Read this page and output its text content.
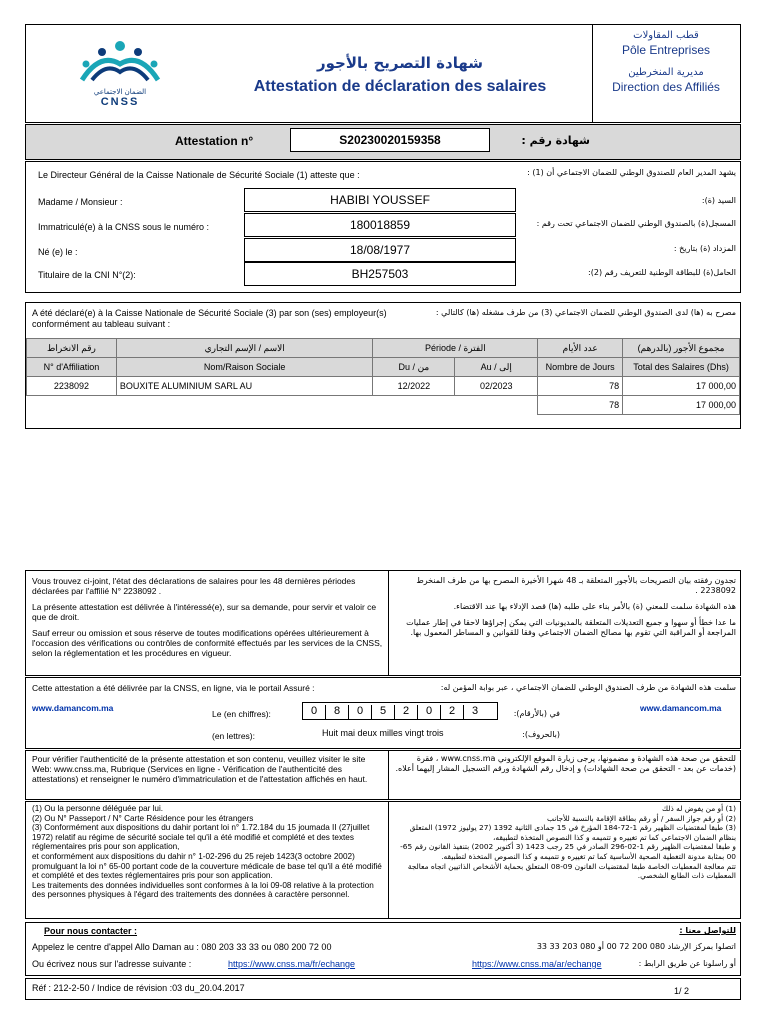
الضمان الاجتماعي
CNSS
شهادة التصريح بالأجور
Attestation de déclaration des salaires
قطب المقاولات
Pôle Entreprises
مديرية المنخرطين
Direction des Affiliés
Attestation n°	S20230020159358	شهادة رقم :
Le Directeur Général de la Caisse Nationale de Sécurité Sociale (1) atteste que :	يشهد المدير العام للصندوق الوطني للضمان الاجتماعي أن (1) :
Madame / Monsieur :	HABIBI YOUSSEF	السيد (ة):
Immatriculé(e) à la CNSS sous le numéro :	180018859	المسجل(ة) بالصندوق الوطني للضمان الاجتماعي تحت رقم :
Né (e) le :	18/08/1977	المزداد (ة) بتاريخ :
Titulaire de la CNI N°(2):	BH257503	الحامل(ة) للبطاقة الوطنية للتعريف رقم (2):
A été déclaré(e) à la Caisse Nationale de Sécurité Sociale (3) par son (ses) employeur(s) conformément au tableau suivant :
مصرح به (ها) لدى الصندوق الوطني للضمان الاجتماعي (3) من طرف مشغله (ها) كالتالي :
رقم الانخراط	الاسم / الإسم التجاري	Période / الفترة		عدد الأيام	مجموع الأجور (بالدرهم)
N° d'Affiliation	Nom/Raison Sociale	Du / من	Au / إلى	Nombre de Jours	Total des Salaires (Dhs)
2238092	BOUXITE ALUMINIUM SARL AU	12/2022	02/2023	78	17 000,00
				78	17 000,00
Vous trouvez ci-joint, l'état des déclarations de salaires pour les 48 dernières périodes déclarées par l'affilié N° 2238092 .
La présente attestation est délivrée à l'intéressé(e), sur sa demande, pour servir et valoir ce que de droit.
Sauf erreur ou omission et sous réserve de toutes modifications opérées ultérieurement à l'occasion des vérifications ou contrôles de conformité effectués par les services de la CNSS, selon la réglementation et les procédures en vigueur.
تجدون رفقته بيان التصريحات بالأجور المتعلقة بـ 48 شهرا الأخيرة المصرح بها من طرف المنخرط 2238092 .
هذه الشهادة سلمت للمعني (ة) بالأمر بناء على طلبه (ها) قصد الإدلاء بها عند الاقتضاء.
ما عدا خطأ أو سهوا و جميع التعديلات المتعلقة بالمديونيات التي يمكن إجراؤها لاحقا في إطار عمليات المراجعة أو المراقبة التي تقوم بها مصالح الضمان الاجتماعي وفقا للقوانين و المساطر المعمول بها.
Cette attestation a été délivrée par la CNSS, en ligne, via le portail Assuré :	سلمت هذه الشهادة من طرف الصندوق الوطني للضمان الاجتماعي ، عبر بوابة المؤمن له:
www.damancom.ma	www.damancom.ma
Le (en chiffres):	0 8 0 5 2 0 2 3	في (بالأرقام):
(en lettres):	Huit mai deux milles vingt trois	(بالحروف):
Pour vérifier l'authenticité de la présente attestation et son contenu, veuillez visiter le site Web: www.cnss.ma, Rubrique (Services en ligne - Vérification de l'authenticité des attestations) et renseigner le numéro d'immatriculation et de l'attestation affichés en haut.
للتحقق من صحة هذه الشهادة و مضمونها، يرجى زيارة الموقع الإلكتروني www.cnss.ma ، فقرة (خدمات عن بعد - التحقق من صحة الشهادات) و إدخال رقم الشهادة ورقم التسجيل المشار إليهما أعلاه.
(1) Ou la personne déléguée par lui.
(2) Ou N° Passeport / N° Carte Résidence pour les étrangers
(3) Conformément aux dispositions du dahir portant loi n° 1.72.184 du 15 joumada II (27juillet 1972) relatif au régime de sécurité sociale tel qu'il a été modifié et complété et des textes réglementaires pris pour son application,
et conformément aux dispositions du dahir n° 1-02-296 du 25 rejeb 1423(3 octobre 2002) promulguant la loi n° 65-00 portant code de la couverture médicale de base tel qu'il a été modifié et complété et des textes réglementaires pris pour son application.
Les traitements des données individuelles sont conformes à la loi 09-08 relative à la protection des personnes physiques à l'égard des traitements des données à caractère personnel.
(1) أو من يفوض له ذلك
(2) أو رقم جواز السفر / أو رقم بطاقة الإقامة بالنسبة للأجانب
(3) طبقا لمقتضيات الظهير رقم 1-72-184 المؤرخ في 15 جمادى الثانية 1392 (27 يوليوز 1972) المتعلق بنظام الضمان الاجتماعي كما تم تغييره و تتميمه و كذا النصوص المتخذة لتطبيقه،
و طبقا لمقتضيات الظهير رقم 1-02-296 الصادر في 25 رجب 1423 (3 أكتوبر 2002) بتنفيذ القانون رقم 65-00 بمثابة مدونة التغطية الصحية الأساسية كما تم تغييره و تتميمه و كذا النصوص المتخذة لتطبيقه.
تتم معالجة المعطيات الخاصة طبقا لمقتضيات القانون 09-08 المتعلق بحماية الأشخاص الذاتيين اتجاه معالجة المعطيات ذات الطابع الشخصي.
Pour nous contacter :	للتواصل معنا :
Appelez le centre d'appel Allo Daman au : 080 203 33 33 ou 080 200 72 00	اتصلوا بمركز الإرشاد 080 200 72 00 أو 080 203 33 33
Ou écrivez nous sur l'adresse suivante :	https://www.cnss.ma/fr/echange	https://www.cnss.ma/ar/echange	أو راسلونا عن طريق الرابط :
Réf : 212-2-50 / Indice de révision :03 du_20.04.2017	1/ 2
